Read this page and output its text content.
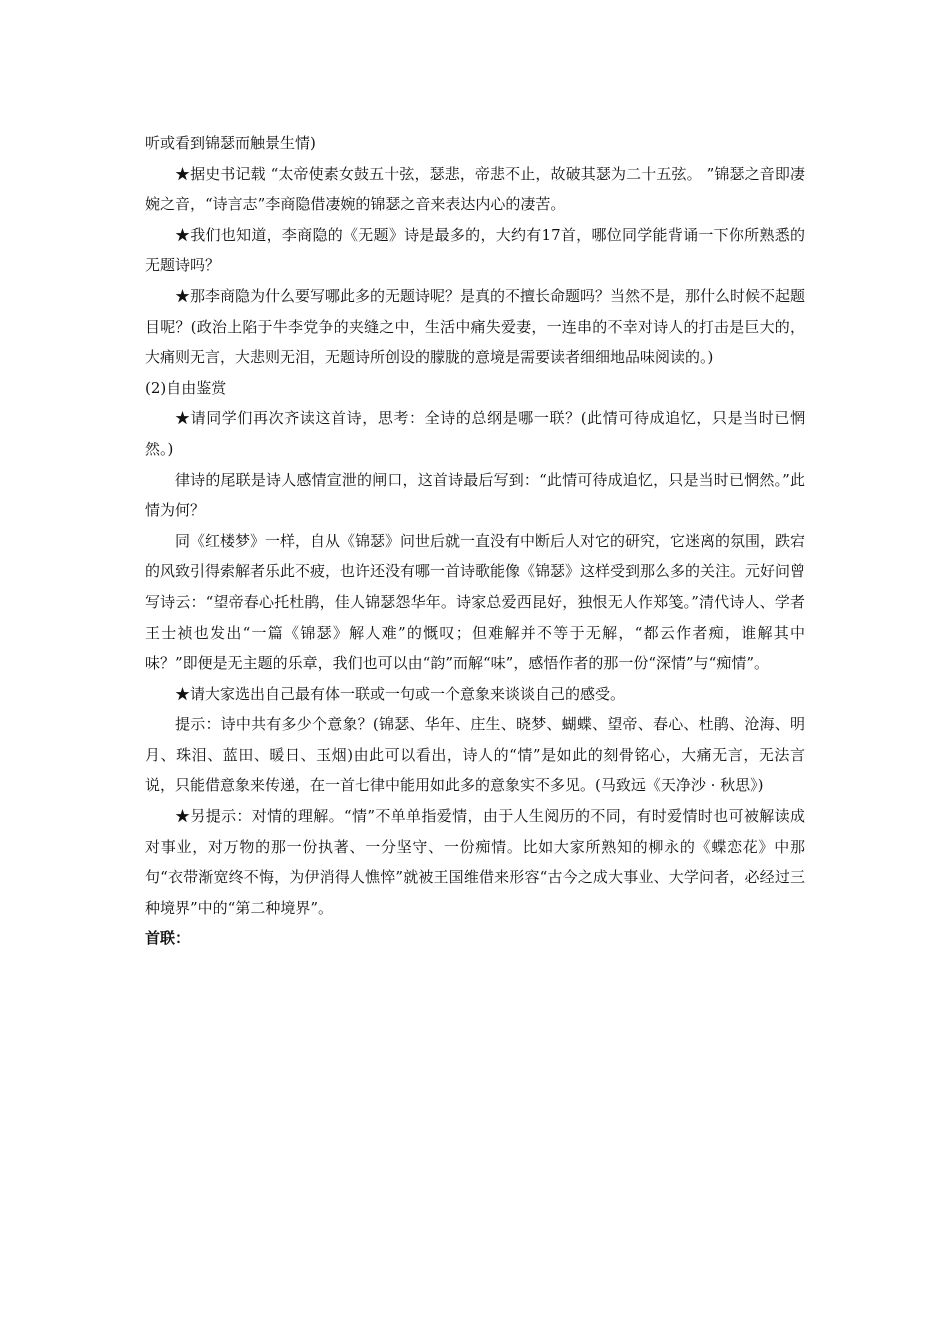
听或看到锦瑟而触景生情)

★据史书记载 “太帝使素女鼓五十弦，瑟悲，帝悲不止，故破其瑟为二十五弦。 ”锦瑟之音即凄婉之音，“诗言志”李商隐借凄婉的锦瑟之音来表达内心的凄苦。

★我们也知道，李商隐的《无题》诗是最多的，大约有17首，哪位同学能背诵一下你所熟悉的无题诗吗？

★那李商隐为什么要写哪此多的无题诗呢？是真的不擅长命题吗？当然不是，那什么时候不起题目呢？(政治上陷于牛李党争的夹缝之中，生活中痛失爱妻，一连串的不幸对诗人的打击是巨大的，大痛则无言，大悲则无泪，无题诗所创设的朦胧的意境是需要读者细细地品味阅读的。)

(2)自由鉴赏

★请同学们再次齐读这首诗，思考：全诗的总纲是哪一联？(此情可待成追忆，只是当时已惘然。)

律诗的尾联是诗人感情宣泄的闸口，这首诗最后写到：“此情可待成追忆，只是当时已惘然。”此情为何？

同《红楼梦》一样，自从《锦瑟》问世后就一直没有中断后人对它的研究，它迷离的氛围，跌宕的风致引得索解者乐此不疲，也许还没有哪一首诗歌能像《锦瑟》这样受到那么多的关注。元好问曾写诗云：“望帝春心托杜鹃，佳人锦瑟怨华年。诗家总爱西昆好，独恨无人作郑笺。”清代诗人、学者王士祯也发出“一篇《锦瑟》解人难”的慨叹；但难解并不等于无解，“都云作者痴，谁解其中味？”即便是无主题的乐章，我们也可以由“韵”而解“味”，感悟作者的那一份“深情”与“痴情”。

★请大家选出自己最有体一联或一句或一个意象来谈谈自己的感受。

提示：诗中共有多少个意象？(锦瑟、华年、庄生、晓梦、蝴蝶、望帝、春心、杜鹃、沧海、明月、珠泪、蓝田、暖日、玉烟)由此可以看出，诗人的“情”是如此的刻骨铭心，大痛无言，无法言说，只能借意象来传递，在一首七律中能用如此多的意象实不多见。(马致远《天净沙 · 秋思》)

★另提示：对情的理解。“情”不单单指爱情，由于人生阅历的不同，有时爱情时也可被解读成对事业，对万物的那一份执著、一分坚守、一份痴情。比如大家所熟知的柳永的《蝶恋花》中那句“衣带渐宽终不悔，为伊消得人憔悴”就被王国维借来形容“古今之成大事业、大学问者，必经过三种境界”中的“第二种境界”。

首联：
